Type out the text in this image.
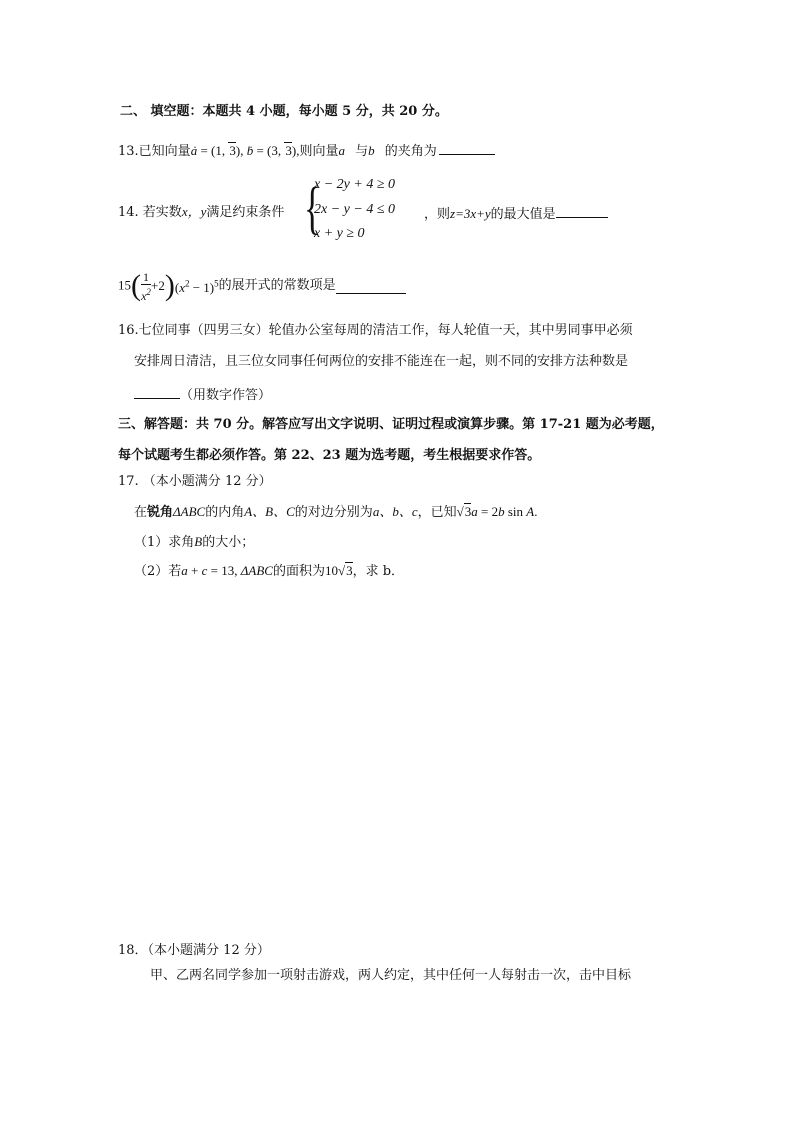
二、 填空题：本题共 4 小题，每小题 5 分，共 20 分。
13.已知向量ȧ = (1, 3), ḃ = (3, 3),则向量a⃗与b⃗的夹角为
14. 若实数x，y满足约束条件 {
x − 2y + 4 ≥ 0
2x − y − 4 ≤ 0
x + y ≥ 0
，则z=3x+y的最大值是
$15( \frac{1}{x^2} +2)(x^2 - 1)^5$的展开式的常数项是
16.七位同事（四男三女）轮值办公室每周的清洁工作，每人轮值一天，其中男同事甲必须
安排周日清洁，且三位女同事任何两位的安排不能连在一起，则不同的安排方法种数是
（用数字作答）
三、解答题：共 70 分。解答应写出文字说明、证明过程或演算步骤。第 17-21 题为必考题，
每个试题考生都必须作答。第 22、23 题为选考题，考生根据要求作答。
17. （本小题满分 12 分）
在锐角ΔABC的内角A、B、C的对边分别为a、b、c，已知√3a = 2b sin A.
（1）求角B的大小；
（2）若a + c = 13, ΔABC的面积为10√3，求 b．
18．（本小题满分 12 分）
甲、乙两名同学参加一项射击游戏，两人约定，其中任何一人每射击一次，击中目标
